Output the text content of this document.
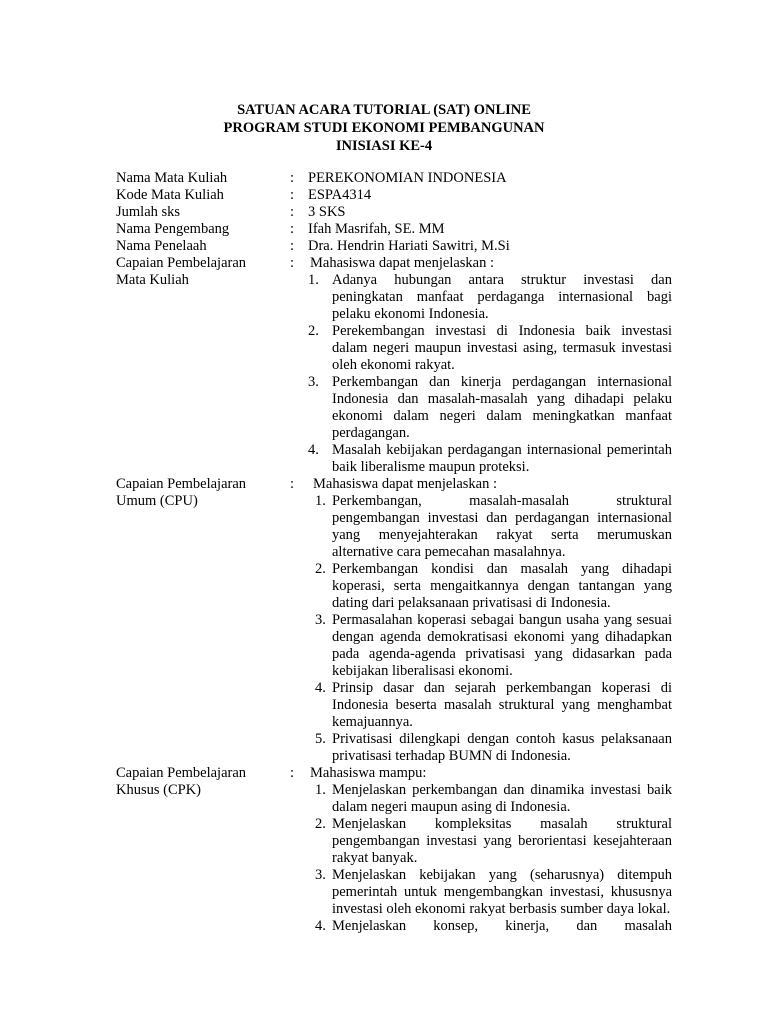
SATUAN ACARA TUTORIAL (SAT) ONLINE
PROGRAM STUDI EKONOMI PEMBANGUNAN
INISIASI KE-4
Nama Mata Kuliah	: PEREKONOMIAN INDONESIA
Kode Mata Kuliah	: ESPA4314
Jumlah sks	: 3 SKS
Nama Pengembang	: Ifah Masrifah, SE. MM
Nama Penelaah	: Dra. Hendrin Hariati Sawitri, M.Si
Capaian Pembelajaran
Mata Kuliah
:	Mahasiswa dapat menjelaskan :
1. Adanya hubungan antara struktur investasi dan peningkatan manfaat perdaganga internasional bagi pelaku ekonomi Indonesia.
2. Perekembangan investasi di Indonesia baik investasi dalam negeri maupun investasi asing, termasuk investasi oleh ekonomi rakyat.
3. Perkembangan dan kinerja perdagangan internasional Indonesia dan masalah-masalah yang dihadapi pelaku ekonomi dalam negeri dalam meningkatkan manfaat perdagangan.
4. Masalah kebijakan perdagangan internasional pemerintah baik liberalisme maupun proteksi.
Capaian Pembelajaran
Umum (CPU)
:	Mahasiswa dapat menjelaskan :
1. Perkembangan, masalah-masalah struktural pengembangan investasi dan perdagangan internasional yang menyejahterakan rakyat serta merumuskan alternative cara pemecahan masalahnya.
2. Perkembangan kondisi dan masalah yang dihadapi koperasi, serta mengaitkannya dengan tantangan yang dating dari pelaksanaan privatisasi di Indonesia.
3. Permasalahan koperasi sebagai bangun usaha yang sesuai dengan agenda demokratisasi ekonomi yang dihadapkan pada agenda-agenda privatisasi yang didasarkan pada kebijakan liberalisasi ekonomi.
4. Prinsip dasar dan sejarah perkembangan koperasi di Indonesia beserta masalah struktural yang menghambat kemajuannya.
5. Privatisasi dilengkapi dengan contoh kasus pelaksanaan privatisasi terhadap BUMN di Indonesia.
Capaian Pembelajaran
Khusus (CPK)
:	Mahasiswa mampu:
1. Menjelaskan perkembangan dan dinamika investasi baik dalam negeri maupun asing di Indonesia.
2. Menjelaskan kompleksitas masalah struktural pengembangan investasi yang berorientasi kesejahteraan rakyat banyak.
3. Menjelaskan kebijakan yang (seharusnya) ditempuh pemerintah untuk mengembangkan investasi, khususnya investasi oleh ekonomi rakyat berbasis sumber daya lokal.
4. Menjelaskan konsep, kinerja, dan masalah
